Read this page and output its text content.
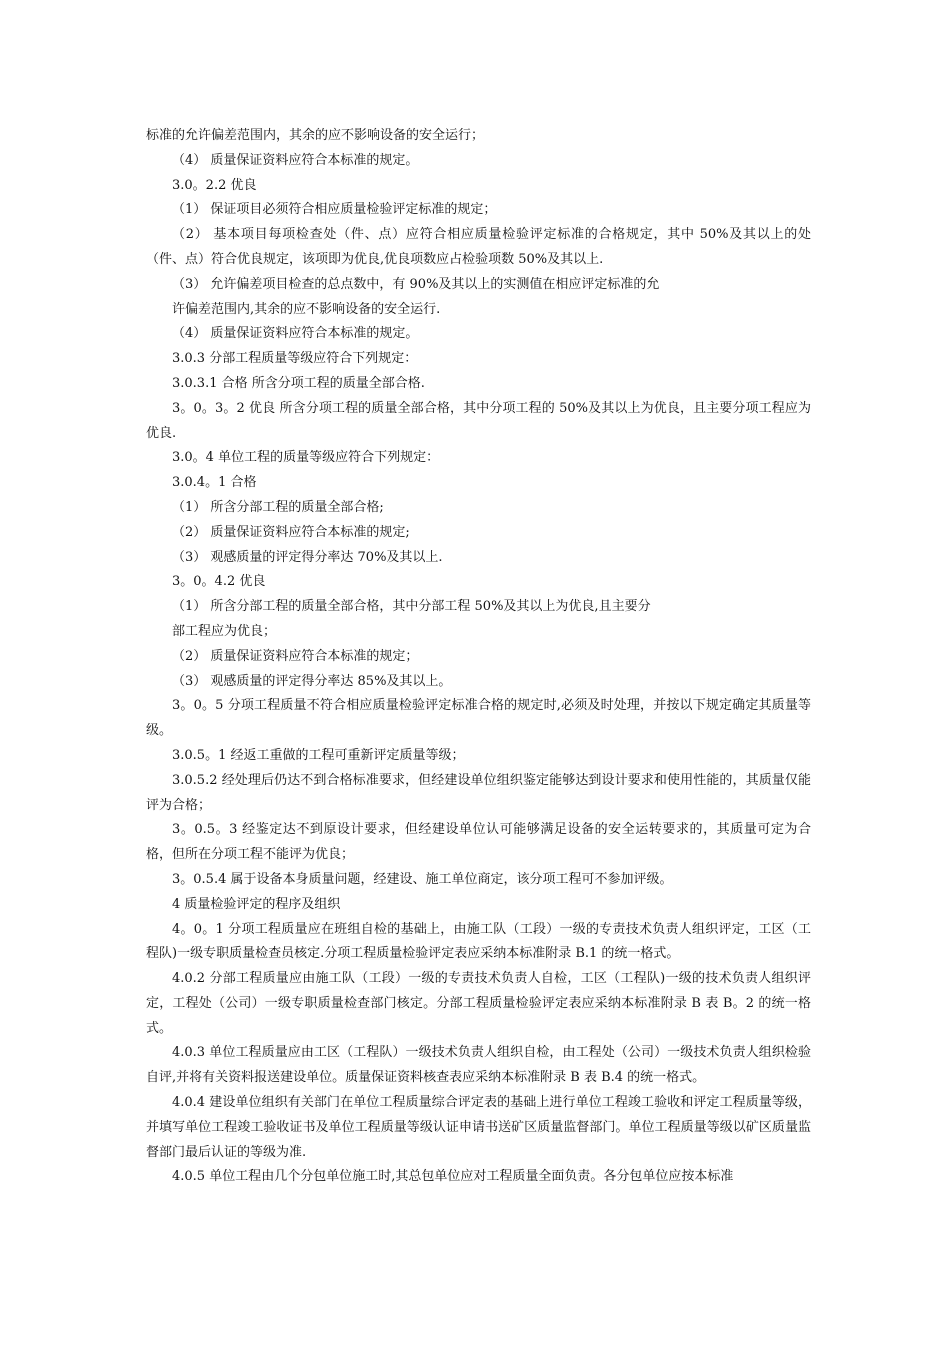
标准的允许偏差范围内，其余的应不影响设备的安全运行；

（4） 质量保证资料应符合本标准的规定。

3.0。2.2 优良

（1） 保证项目必须符合相应质量检验评定标准的规定；

（2） 基本项目每项检查处（件、点）应符合相应质量检验评定标准的合格规定，其中 50%及其以上的处（件、点）符合优良规定，该项即为优良,优良项数应占检验项数 50%及其以上.

（3） 允许偏差项目检查的总点数中，有 90%及其以上的实测值在相应评定标准的允

许偏差范围内,其余的应不影响设备的安全运行.

（4） 质量保证资料应符合本标准的规定。

3.0.3 分部工程质量等级应符合下列规定：

3.0.3.1 合格 所含分项工程的质量全部合格.

3。0。3。2 优良 所含分项工程的质量全部合格，其中分项工程的 50%及其以上为优良，且主要分项工程应为优良.

3.0。4 单位工程的质量等级应符合下列规定：

3.0.4。1 合格

（1） 所含分部工程的质量全部合格;

（2） 质量保证资料应符合本标准的规定;

（3） 观感质量的评定得分率达 70%及其以上.

3。0。4.2 优良

（1） 所含分部工程的质量全部合格，其中分部工程 50%及其以上为优良,且主要分

部工程应为优良；

（2） 质量保证资料应符合本标准的规定；

（3） 观感质量的评定得分率达 85%及其以上。

3。0。5 分项工程质量不符合相应质量检验评定标准合格的规定时,必须及时处理，并按以下规定确定其质量等级。

3.0.5。1 经返工重做的工程可重新评定质量等级；

3.0.5.2 经处理后仍达不到合格标准要求，但经建设单位组织鉴定能够达到设计要求和使用性能的，其质量仅能评为合格；

3。0.5。3 经鉴定达不到原设计要求，但经建设单位认可能够满足设备的安全运转要求的，其质量可定为合格，但所在分项工程不能评为优良；

3。0.5.4 属于设备本身质量问题，经建设、施工单位商定，该分项工程可不参加评级。

4 质量检验评定的程序及组织

4。0。1 分项工程质量应在班组自检的基础上，由施工队（工段）一级的专责技术负责人组织评定，工区（工程队)一级专职质量检查员核定.分项工程质量检验评定表应采纳本标准附录 B.1 的统一格式。

4.0.2 分部工程质量应由施工队（工段）一级的专责技术负责人自检，工区（工程队)一级的技术负责人组织评定，工程处（公司）一级专职质量检查部门核定。分部工程质量检验评定表应采纳本标准附录 B 表 B。2 的统一格式。

4.0.3 单位工程质量应由工区（工程队）一级技术负责人组织自检，由工程处（公司）一级技术负责人组织检验自评,并将有关资料报送建设单位。质量保证资料核查表应采纳本标准附录 B 表 B.4 的统一格式。

4.0.4 建设单位组织有关部门在单位工程质量综合评定表的基础上进行单位工程竣工验收和评定工程质量等级，并填写单位工程竣工验收证书及单位工程质量等级认证申请书送矿区质量监督部门。单位工程质量等级以矿区质量监督部门最后认证的等级为准.

4.0.5 单位工程由几个分包单位施工时,其总包单位应对工程质量全面负责。各分包单位应按本标准
